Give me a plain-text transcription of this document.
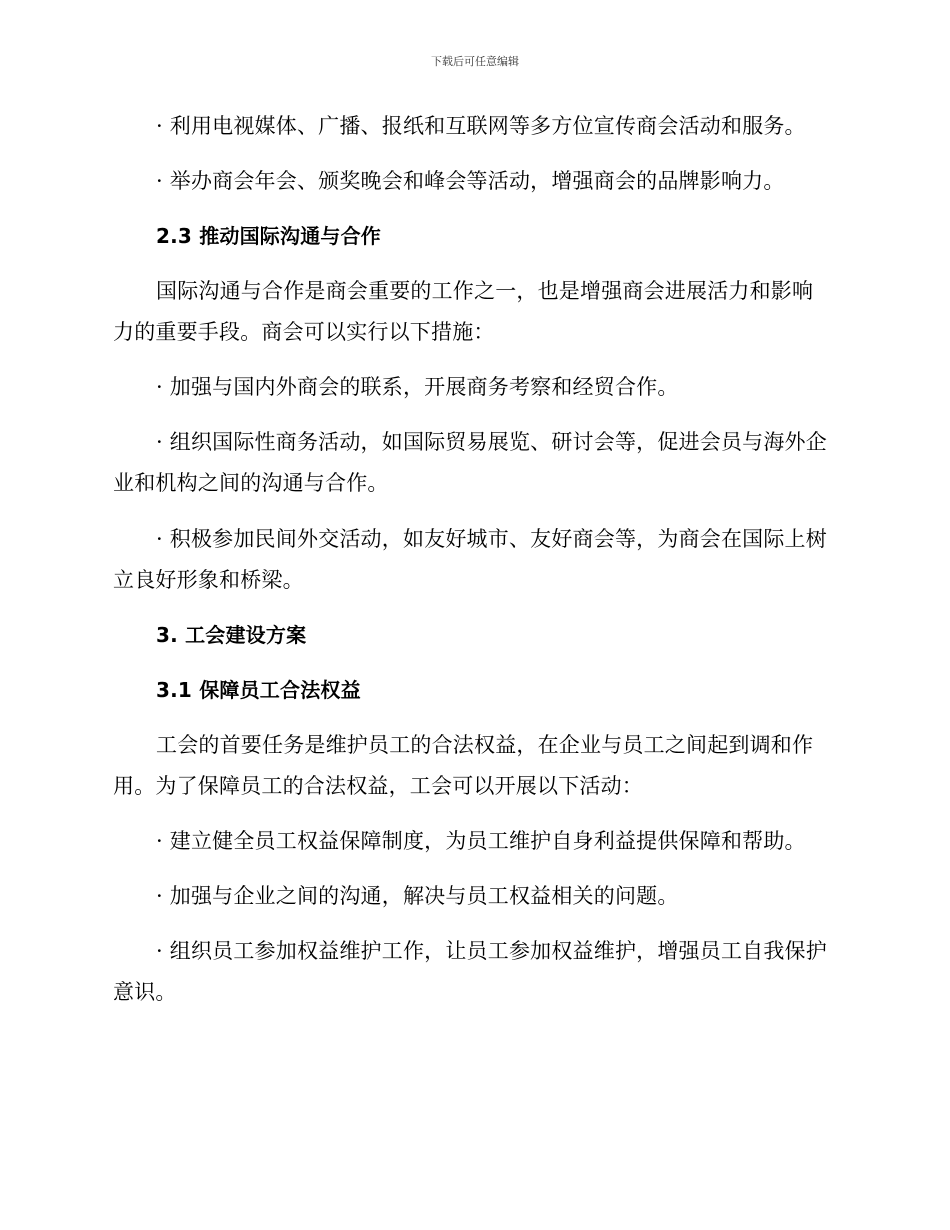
下载后可任意编辑

· 利用电视媒体、广播、报纸和互联网等多方位宣传商会活动和服务。

· 举办商会年会、颁奖晚会和峰会等活动，增强商会的品牌影响力。

2.3 推动国际沟通与合作

国际沟通与合作是商会重要的工作之一，也是增强商会进展活力和影响力的重要手段。商会可以实行以下措施：

· 加强与国内外商会的联系，开展商务考察和经贸合作。

· 组织国际性商务活动，如国际贸易展览、研讨会等，促进会员与海外企业和机构之间的沟通与合作。

· 积极参加民间外交活动，如友好城市、友好商会等，为商会在国际上树立良好形象和桥梁。

3. 工会建设方案

3.1 保障员工合法权益

工会的首要任务是维护员工的合法权益，在企业与员工之间起到调和作用。为了保障员工的合法权益，工会可以开展以下活动：

· 建立健全员工权益保障制度，为员工维护自身利益提供保障和帮助。

· 加强与企业之间的沟通，解决与员工权益相关的问题。

· 组织员工参加权益维护工作，让员工参加权益维护，增强员工自我保护意识。
